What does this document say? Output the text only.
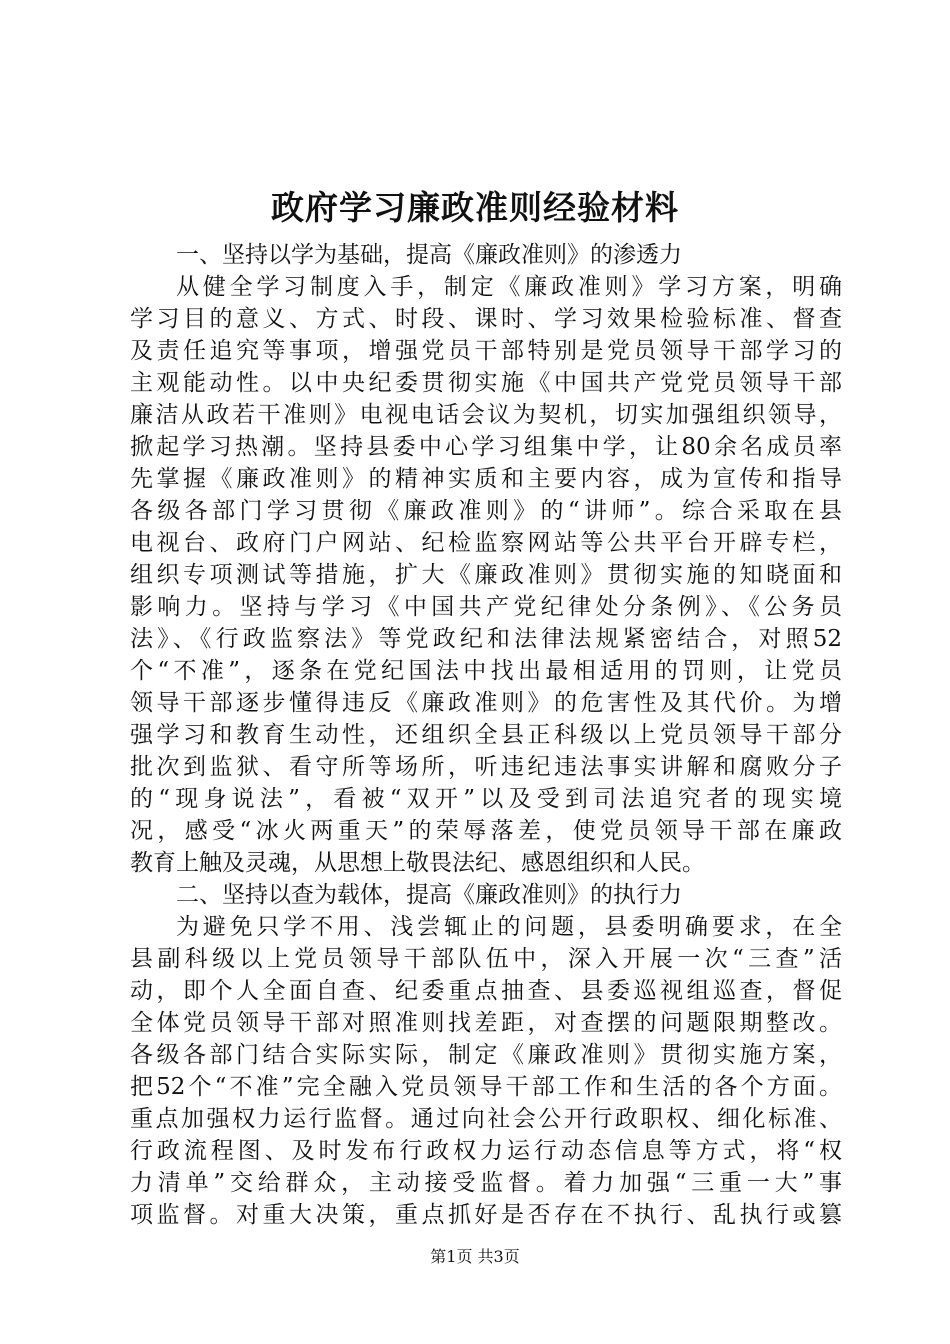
政府学习廉政准则经验材料
一、坚持以学为基础，提高《廉政准则》的渗透力
从健全学习制度入手，制定《廉政准则》学习方案，明确
学习目的意义、方式、时段、课时、学习效果检验标准、督查
及责任追究等事项，增强党员干部特别是党员领导干部学习的
主观能动性。以中央纪委贯彻实施《中国共产党党员领导干部
廉洁从政若干准则》电视电话会议为契机，切实加强组织领导，
掀起学习热潮。坚持县委中心学习组集中学，让80余名成员率
先掌握《廉政准则》的精神实质和主要内容，成为宣传和指导
各级各部门学习贯彻《廉政准则》的“讲师”。综合采取在县
电视台、政府门户网站、纪检监察网站等公共平台开辟专栏，
组织专项测试等措施，扩大《廉政准则》贯彻实施的知晓面和
影响力。坚持与学习《中国共产党纪律处分条例》、《公务员
法》、《行政监察法》等党政纪和法律法规紧密结合，对照52
个“不准”，逐条在党纪国法中找出最相适用的罚则，让党员
领导干部逐步懂得违反《廉政准则》的危害性及其代价。为增
强学习和教育生动性，还组织全县正科级以上党员领导干部分
批次到监狱、看守所等场所，听违纪违法事实讲解和腐败分子
的“现身说法”，看被“双开”以及受到司法追究者的现实境
况，感受“冰火两重天”的荣辱落差，使党员领导干部在廉政
教育上触及灵魂，从思想上敬畏法纪、感恩组织和人民。
二、坚持以查为载体，提高《廉政准则》的执行力
为避免只学不用、浅尝辄止的问题，县委明确要求，在全
县副科级以上党员领导干部队伍中，深入开展一次“三查”活
动，即个人全面自查、纪委重点抽查、县委巡视组巡查，督促
全体党员领导干部对照准则找差距，对查摆的问题限期整改。
各级各部门结合实际实际，制定《廉政准则》贯彻实施方案，
把52个“不准”完全融入党员领导干部工作和生活的各个方面。
重点加强权力运行监督。通过向社会公开行政职权、细化标准、
行政流程图、及时发布行政权力运行动态信息等方式，将“权
力清单”交给群众，主动接受监督。着力加强“三重一大”事
项监督。对重大决策，重点抓好是否存在不执行、乱执行或篡
第1页 共3页
